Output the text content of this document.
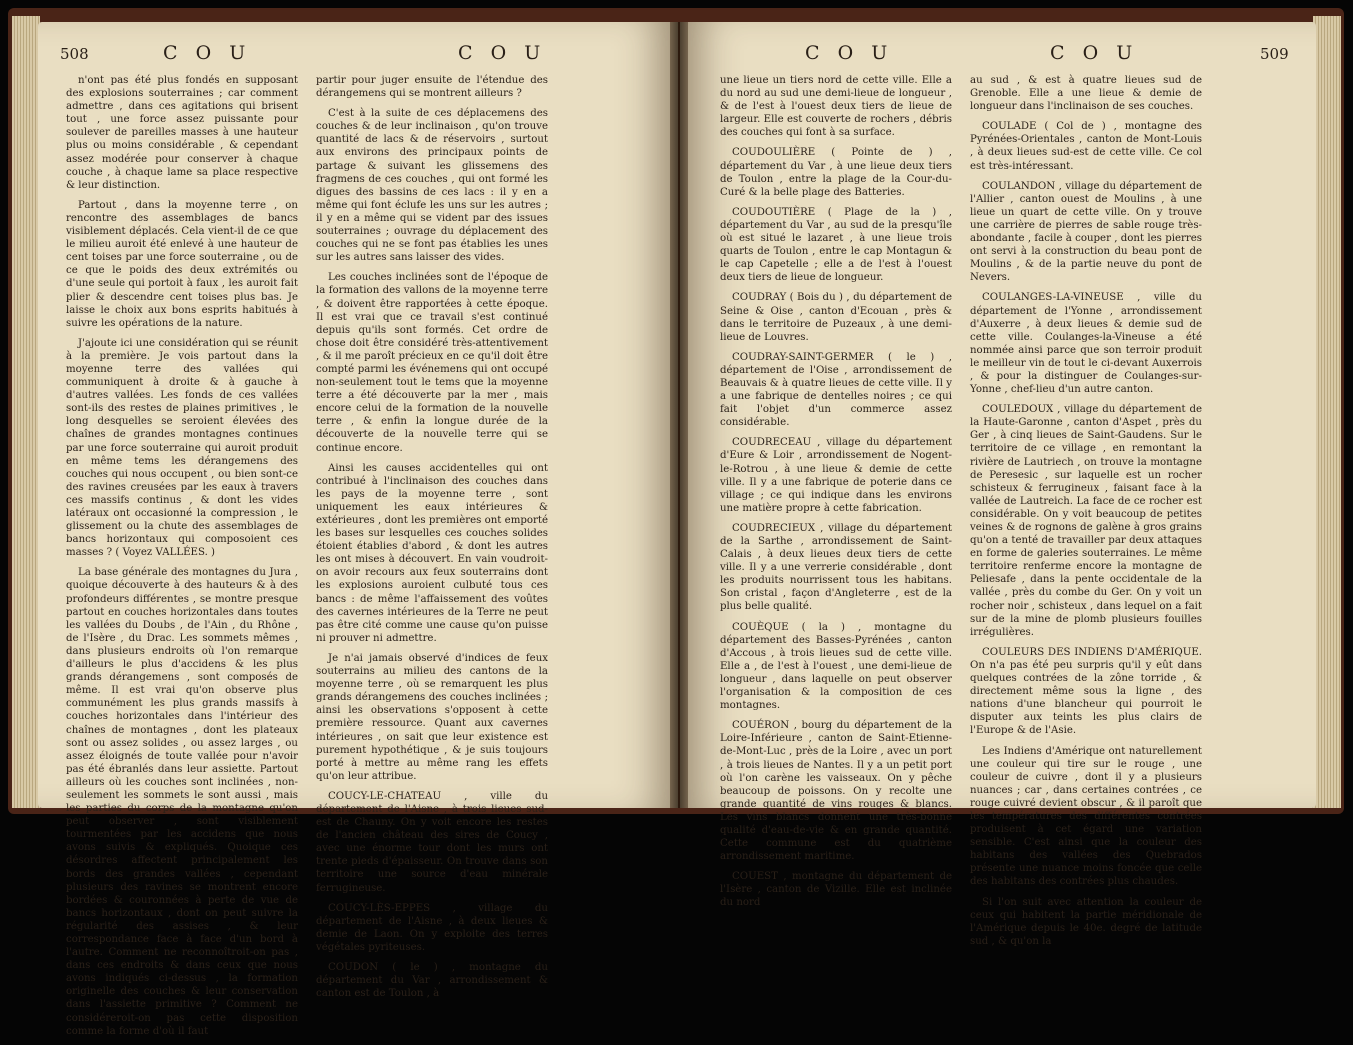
508	C O U	C O U

n'ont pas été plus fondés en supposant des explosions souterraines ; car comment admettre , dans ces agitations qui brisent tout , une force assez puissante pour soulever de pareilles masses à une hauteur plus ou moins considérable , & cependant assez modérée pour conserver à chaque couche , à chaque lame sa place respective & leur distinction.

Partout , dans la moyenne terre , on rencontre des assemblages de bancs visiblement déplacés. Cela vient-il de ce que le milieu auroit été enlevé à une hauteur de cent toises par une force souterraine , ou de ce que le poids des deux extrémités ou d'une seule qui portoit à faux , les auroit fait plier & descendre cent toises plus bas. Je laisse le choix aux bons esprits habitués à suivre les opérations de la nature.

J'ajoute ici une considération qui se réunit à la première. Je vois partout dans la moyenne terre des vallées qui communiquent à droite & à gauche à d'autres vallées. Les fonds de ces vallées sont-ils des restes de plaines primitives , le long desquelles se seroient élevées des chaînes de grandes montagnes continues par une force souterraine qui auroit produit en même tems les dérangemens des couches qui nous occupent , ou bien sont-ce des ravines creusées par les eaux à travers ces massifs continus , & dont les vides latéraux ont occasionné la compression , le glissement ou la chute des assemblages de bancs horizontaux qui composoient ces masses ? ( Voyez VALLÉES. )

La base générale des montagnes du Jura , quoique découverte à des hauteurs & à des profondeurs différentes , se montre presque partout en couches horizontales dans toutes les vallées du Doubs , de l'Ain , du Rhône , de l'Isère , du Drac. Les sommets mêmes , dans plusieurs endroits où l'on remarque d'ailleurs le plus d'accidens & les plus grands dérangemens , sont composés de même. Il est vrai qu'on observe plus communément les plus grands massifs à couches horizontales dans l'intérieur des chaînes de montagnes , dont les plateaux sont ou assez solides , ou assez larges , ou assez éloignés de toute vallée pour n'avoir pas été ébranlés dans leur assiette. Partout ailleurs où les couches sont inclinées , non-seulement les sommets le sont aussi , mais les parties du corps de la montagne qu'on peut observer , sont visiblement tourmentées par les accidens que nous avons suivis & expliqués. Quoique ces désordres affectent principalement les bords des grandes vallées , cependant plusieurs des ravines se montrent encore bordées & couronnées à perte de vue de bancs horizontaux , dont on peut suivre la régularité des assises , & leur correspondance face à face d'un bord à l'autre. Comment ne reconnoîtroit-on pas , dans ces endroits & dans ceux que nous avons indiqués ci-dessus , la formation originelle des couches & leur conservation dans l'assiette primitive ? Comment ne considéreroit-on pas cette disposition comme la forme d'où il faut

partir pour juger ensuite de l'étendue des dérangemens qui se montrent ailleurs ?

C'est à la suite de ces déplacemens des couches & de leur inclinaison , qu'on trouve quantité de lacs & de réservoirs , surtout aux environs des principaux points de partage & suivant les glissemens des fragmens de ces couches , qui ont formé les digues des bassins de ces lacs : il y en a même qui font éclufe les uns sur les autres ; il y en a même qui se vident par des issues souterraines ; ouvrage du déplacement des couches qui ne se font pas établies les unes sur les autres sans laisser des vides.

Les couches inclinées sont de l'époque de la formation des vallons de la moyenne terre , & doivent être rapportées à cette époque. Il est vrai que ce travail s'est continué depuis qu'ils sont formés. Cet ordre de chose doit être considéré très-attentivement , & il me paroît précieux en ce qu'il doit être compté parmi les événemens qui ont occupé non-seulement tout le tems que la moyenne terre a été découverte par la mer , mais encore celui de la formation de la nouvelle terre , & enfin la longue durée de la découverte de la nouvelle terre qui se continue encore.

Ainsi les causes accidentelles qui ont contribué à l'inclinaison des couches dans les pays de la moyenne terre , sont uniquement les eaux intérieures & extérieures , dont les premières ont emporté les bases sur lesquelles ces couches solides étoient établies d'abord , & dont les autres les ont mises à découvert. En vain voudroit-on avoir recours aux feux souterrains dont les explosions auroient culbuté tous ces bancs : de même l'affaissement des voûtes des cavernes intérieures de la Terre ne peut pas être cité comme une cause qu'on puisse ni prouver ni admettre.

Je n'ai jamais observé d'indices de feux souterrains au milieu des cantons de la moyenne terre , où se remarquent les plus grands dérangemens des couches inclinées ; ainsi les observations s'opposent à cette première ressource. Quant aux cavernes intérieures , on sait que leur existence est purement hypothétique , & je suis toujours porté à mettre au même rang les effets qu'on leur attribue.

COUCY-LE-CHATEAU , ville du département de l'Aisne , à trois lieues sud-est de Chauny. On y voit encore les restes de l'ancien château des sires de Coucy , avec une énorme tour dont les murs ont trente pieds d'épaisseur. On trouve dans son territoire une source d'eau minérale ferrugineuse.

COUCY-LÈS-EPPES , village du département de l'Aisne , à deux lieues & demie de Laon. On y exploite des terres végétales pyriteuses.

COUDON ( le ) , montagne du département du Var , arrondissement & canton est de Toulon , à

C O U	C O U	509

une lieue un tiers nord de cette ville. Elle a du nord au sud une demi-lieue de longueur , & de l'est à l'ouest deux tiers de lieue de largeur. Elle est couverte de rochers , débris des couches qui font à sa surface.

COUDOULIÈRE ( Pointe de ) , département du Var , à une lieue deux tiers de Toulon , entre la plage de la Cour-du-Curé & la belle plage des Batteries.

COUDOUTIÈRE ( Plage de la ) , département du Var , au sud de la presqu'île où est situé le lazaret , à une lieue trois quarts de Toulon , entre le cap Montagun & le cap Capetelle ; elle a de l'est à l'ouest deux tiers de lieue de longueur.

COUDRAY ( Bois du ) , du département de Seine & Oise , canton d'Ecouan , près & dans le territoire de Puzeaux , à une demi-lieue de Louvres.

COUDRAY-SAINT-GERMER ( le ) , département de l'Oise , arrondissement de Beauvais & à quatre lieues de cette ville. Il y a une fabrique de dentelles noires ; ce qui fait l'objet d'un commerce assez considérable.

COUDRECEAU , village du département d'Eure & Loir , arrondissement de Nogent-le-Rotrou , à une lieue & demie de cette ville. Il y a une fabrique de poterie dans ce village ; ce qui indique dans les environs une matière propre à cette fabrication.

COUDRECIEUX , village du département de la Sarthe , arrondissement de Saint-Calais , à deux lieues deux tiers de cette ville. Il y a une verrerie considérable , dont les produits nourrissent tous les habitans. Son cristal , façon d'Angleterre , est de la plus belle qualité.

COUÈQUE ( la ) , montagne du département des Basses-Pyrénées , canton d'Accous , à trois lieues sud de cette ville. Elle a , de l'est à l'ouest , une demi-lieue de longueur , dans laquelle on peut observer l'organisation & la composition de ces montagnes.

COUÉRON , bourg du département de la Loire-Inférieure , canton de Saint-Etienne-de-Mont-Luc , près de la Loire , avec un port , à trois lieues de Nantes. Il y a un petit port où l'on carène les vaisseaux. On y pêche beaucoup de poissons. On y recolte une grande quantité de vins rouges & blancs. Les vins blancs donnent une très-bonne qualité d'eau-de-vie & en grande quantité. Cette commune est du quatrième arrondissement maritime.

COUEST , montagne du département de l'Isère , canton de Vizille. Elle est inclinée du nord

au sud , & est à quatre lieues sud de Grenoble. Elle a une lieue & demie de longueur dans l'inclinaison de ses couches.

COULADE ( Col de ) , montagne des Pyrénées-Orientales , canton de Mont-Louis , à deux lieues sud-est de cette ville. Ce col est très-intéressant.

COULANDON , village du département de l'Allier , canton ouest de Moulins , à une lieue un quart de cette ville. On y trouve une carrière de pierres de sable rouge très-abondante , facile à couper , dont les pierres ont servi à la construction du beau pont de Moulins , & de la partie neuve du pont de Nevers.

COULANGES-LA-VINEUSE , ville du département de l'Yonne , arrondissement d'Auxerre , à deux lieues & demie sud de cette ville. Coulanges-la-Vineuse a été nommée ainsi parce que son terroir produit le meilleur vin de tout le ci-devant Auxerrois , & pour la distinguer de Coulanges-sur-Yonne , chef-lieu d'un autre canton.

COULEDOUX , village du département de la Haute-Garonne , canton d'Aspet , près du Ger , à cinq lieues de Saint-Gaudens. Sur le territoire de ce village , en remontant la rivière de Lautriech , on trouve la montagne de Peresesic , sur laquelle est un rocher schisteux & ferrugineux , faisant face à la vallée de Lautreich. La face de ce rocher est considérable. On y voit beaucoup de petites veines & de rognons de galène à gros grains qu'on a tenté de travailler par deux attaques en forme de galeries souterraines. Le même territoire renferme encore la montagne de Peliesafe , dans la pente occidentale de la vallée , près du combe du Ger. On y voit un rocher noir , schisteux , dans lequel on a fait sur de la mine de plomb plusieurs fouilles irrégulières.

COULEURS DES INDIENS D'AMÉRIQUE. On n'a pas été peu surpris qu'il y eût dans quelques contrées de la zône torride , & directement même sous la ligne , des nations d'une blancheur qui pourroit le disputer aux teints les plus clairs de l'Europe & de l'Asie.

Les Indiens d'Amérique ont naturellement une couleur qui tire sur le rouge , une couleur de cuivre , dont il y a plusieurs nuances ; car , dans certaines contrées , ce rouge cuivré devient obscur , & il paroît que les températures des différentes contrées produisent à cet égard une variation sensible. C'est ainsi que la couleur des habitans des vallées des Quebrados présente une nuance moins foncée que celle des habitans des contrées plus chaudes.

Si l'on suit avec attention la couleur de ceux qui habitent la partie méridionale de l'Amérique depuis le 40e. degré de latitude sud , & qu'on la
